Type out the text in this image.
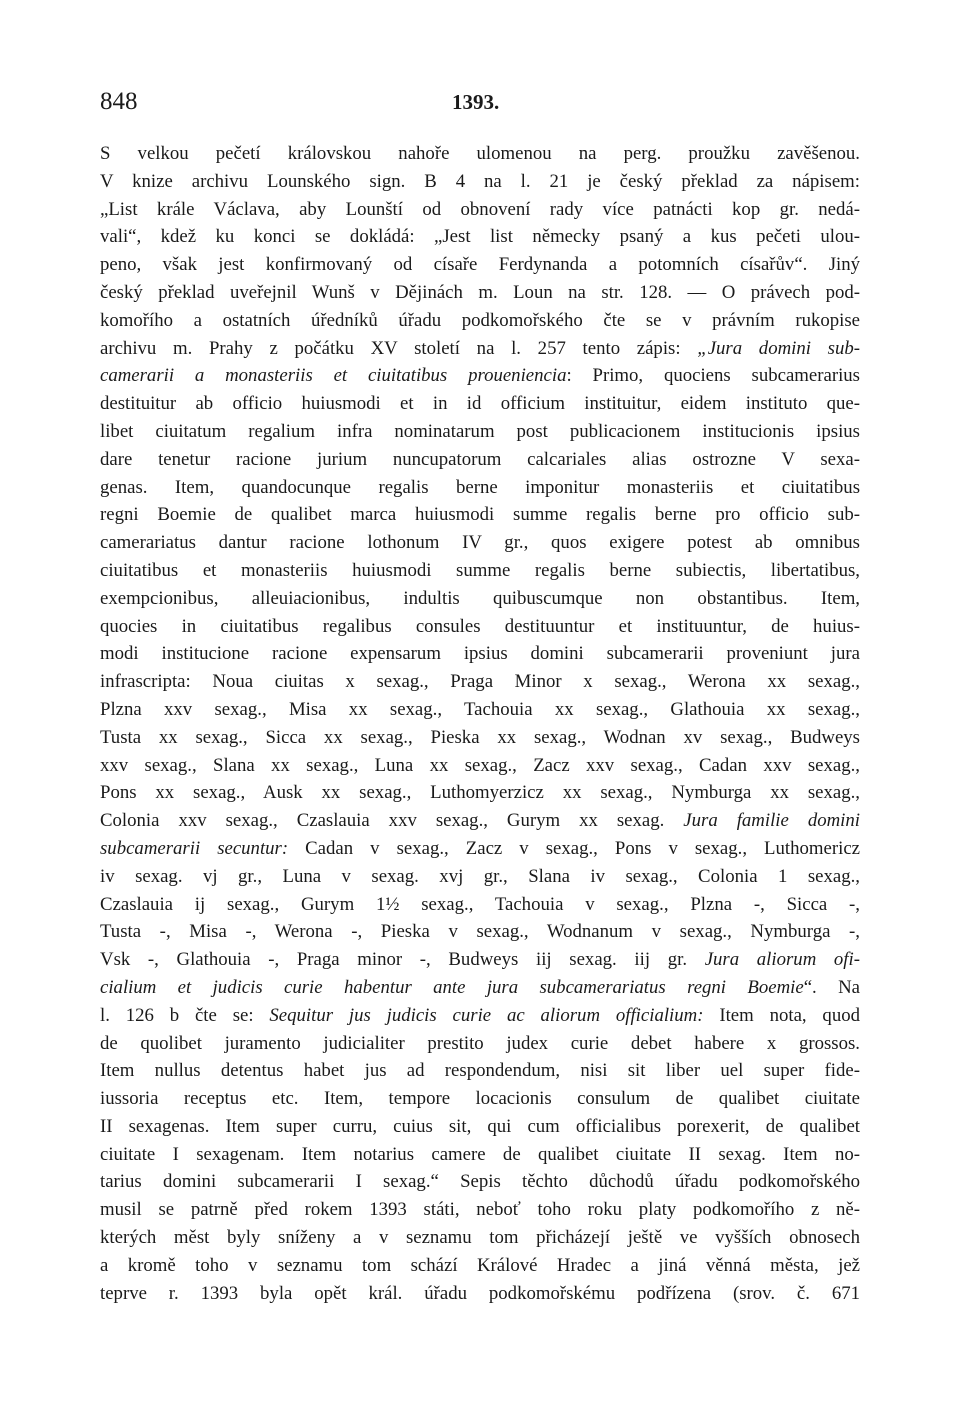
848	1393.
S velkou pečetí královskou nahoře ulomenou na perg. proužku zavěšenou.
V knize archivu Lounského sign. B 4 na l. 21 je český překlad za nápisem:
„List krále Václava, aby Lounští od obnovení rady více patnácti kop gr. nedá-
vali“, kdež ku konci se dokládá: „Jest list německy psaný a kus pečeti ulou-
peno, však jest konfirmovaný od císaře Ferdynanda a potomních císařův“. Jiný
český překlad uveřejnil Wunš v Dějinách m. Loun na str. 128. — O právech pod-
komořího a ostatních úředníků úřadu podkomořského čte se v právním rukopise
archivu m. Prahy z počátku XV století na l. 257 tento zápis: „Jura domini sub-
camerarii a monasteriis et ciuitatibus proueniencia: Primo, quociens subcamerarius
destituitur ab officio huiusmodi et in id officium instituitur, eidem instituto que-
libet ciuitatum regalium infra nominatarum post publicacionem institucionis ipsius
dare tenetur racione jurium nuncupatorum calcariales alias ostrozne V sexa-
genas. Item, quandocunque regalis berne imponitur monasteriis et ciuitatibus
regni Boemie de qualibet marca huiusmodi summe regalis berne pro officio sub-
camerariatus dantur racione lothonum IV gr., quos exigere potest ab omnibus
ciuitatibus et monasteriis huiusmodi summe regalis berne subiectis, libertatibus,
exempcionibus, alleuiacionibus, indultis quibuscumque non obstantibus. Item,
quocies in ciuitatibus regalibus consules destituuntur et instituuntur, de huius-
modi institucione racione expensarum ipsius domini subcamerarii proveniunt jura
infrascripta: Noua ciuitas x sexag., Praga Minor x sexag., Werona xx sexag.,
Plzna xxv sexag., Misa xx sexag., Tachouia xx sexag., Glathouia xx sexag.,
Tusta xx sexag., Sicca xx sexag., Pieska xx sexag., Wodnan xv sexag., Budweys
xxv sexag., Slana xx sexag., Luna xx sexag., Zacz xxv sexag., Cadan xxv sexag.,
Pons xx sexag., Ausk xx sexag., Luthomyerzicz xx sexag., Nymburga xx sexag.,
Colonia xxv sexag., Czaslauia xxv sexag., Gurym xx sexag. Jura familie domini
subcamerarii secuntur: Cadan v sexag., Zacz v sexag., Pons v sexag., Luthomericz
iv sexag. vj gr., Luna v sexag. xvj gr., Slana iv sexag., Colonia 1 sexag.,
Czaslauia ij sexag., Gurym 1½ sexag., Tachouia v sexag., Plzna -, Sicca -,
Tusta -, Misa -, Werona -, Pieska v sexag., Wodnanum v sexag., Nymburga -,
Vsk -, Glathouia -, Praga minor -, Budweys iij sexag. iij gr. Jura aliorum ofi-
cialium et judicis curie habentur ante jura subcamerariatus regni Boemie“. Na
l. 126 b čte se: Sequitur jus judicis curie ac aliorum officialium: Item nota, quod
de quolibet juramento judicialiter prestito judex curie debet habere x grossos.
Item nullus detentus habet jus ad respondendum, nisi sit liber uel super fide-
iussoria receptus etc. Item, tempore locacionis consulum de qualibet ciuitate
II sexagenas. Item super curru, cuius sit, qui cum officialibus porexerit, de qualibet
ciuitate I sexagenam. Item notarius camere de qualibet ciuitate II sexag. Item no-
tarius domini subcamerarii I sexag.“ Sepis těchto důchodů úřadu podkomořského
musil se patrně před rokem 1393 státi, neboť toho roku platy podkomořího z ně-
kterých měst byly sníženy a v seznamu tom přicházejí ještě ve vyšších obnosech
a kromě toho v seznamu tom schází Králové Hradec a jiná věnná města, jež
teprve r. 1393 byla opět král. úřadu podkomořskému podřízena (srov. č. 671
